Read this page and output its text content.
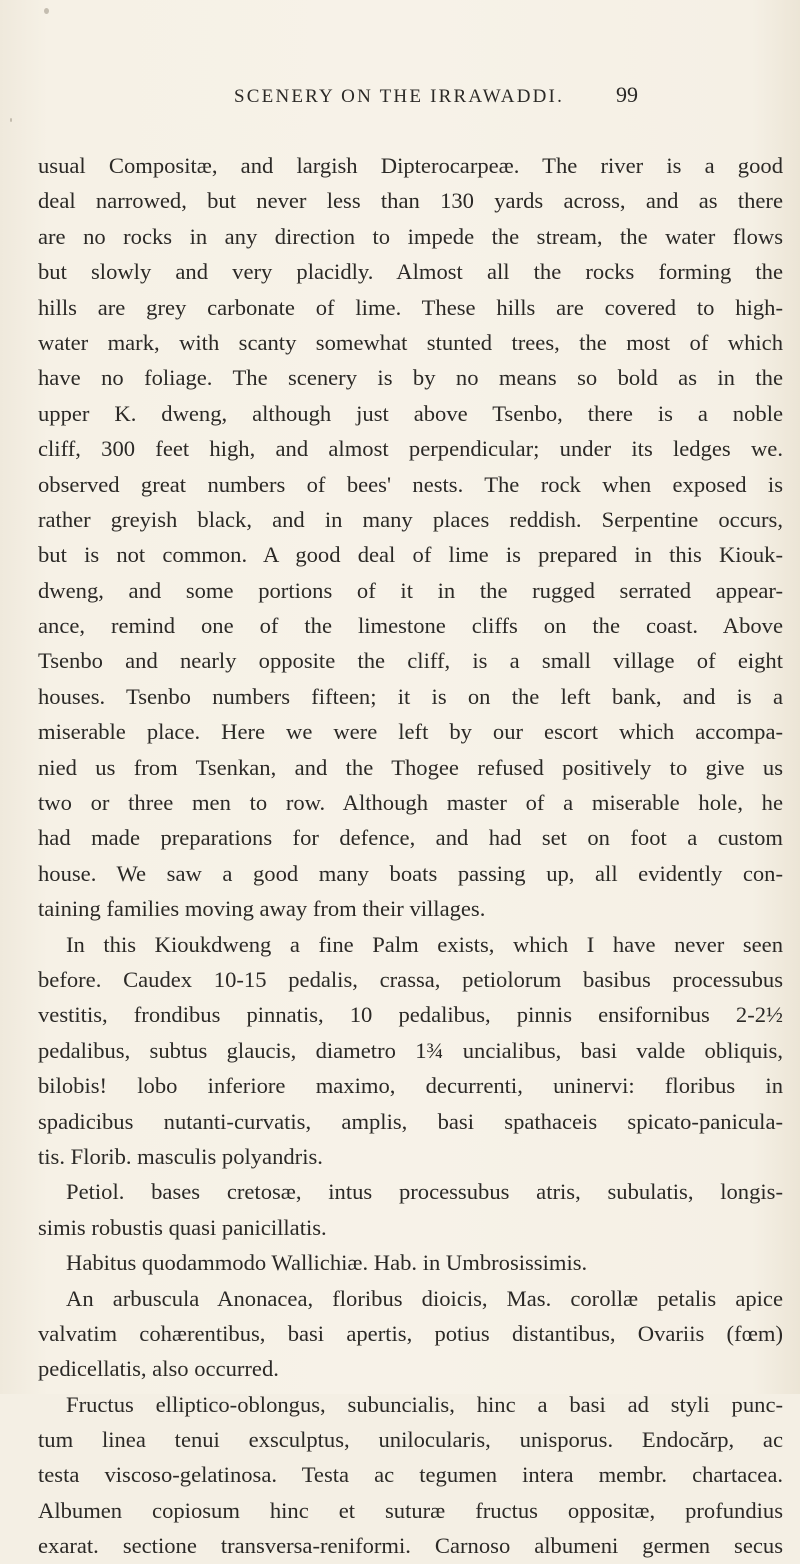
SCENERY ON THE IRRAWADDI. 99
usual Compositæ, and largish Dipterocarpeæ. The river is a good
deal narrowed, but never less than 130 yards across, and as there
are no rocks in any direction to impede the stream, the water flows
but slowly and very placidly. Almost all the rocks forming the
hills are grey carbonate of lime. These hills are covered to high-
water mark, with scanty somewhat stunted trees, the most of which
have no foliage. The scenery is by no means so bold as in the
upper K. dweng, although just above Tsenbo, there is a noble
cliff, 300 feet high, and almost perpendicular; under its ledges we.
observed great numbers of bees' nests. The rock when exposed is
rather greyish black, and in many places reddish. Serpentine occurs,
but is not common. A good deal of lime is prepared in this Kiouk-
dweng, and some portions of it in the rugged serrated appear-
ance, remind one of the limestone cliffs on the coast. Above
Tsenbo and nearly opposite the cliff, is a small village of eight
houses. Tsenbo numbers fifteen; it is on the left bank, and is a
miserable place. Here we were left by our escort which accompa-
nied us from Tsenkan, and the Thogee refused positively to give us
two or three men to row. Although master of a miserable hole, he
had made preparations for defence, and had set on foot a custom
house. We saw a good many boats passing up, all evidently con-
taining families moving away from their villages.
In this Kioukdweng a fine Palm exists, which I have never seen
before. Caudex 10-15 pedalis, crassa, petiolorum basibus processubus
vestitis, frondibus pinnatis, 10 pedalibus, pinnis ensifornibus 2-2½
pedalibus, subtus glaucis, diametro 1¾ uncialibus, basi valde obliquis,
bilobis! lobo inferiore maximo, decurrenti, uninervi: floribus in
spadicibus nutanti-curvatis, amplis, basi spathaceis spicato-panicula-
tis. Florib. masculis polyandris.
Petiol. bases cretosæ, intus processubus atris, subulatis, longis-
simis robustis quasi panicillatis.
Habitus quodammodo Wallichiæ. Hab. in Umbrosissimis.
An arbuscula Anonacea, floribus dioicis, Mas. corollæ petalis apice
valvatim cohærentibus, basi apertis, potius distantibus, Ovariis (fœm)
pedicellatis, also occurred.
Fructus elliptico-oblongus, subuncialis, hinc a basi ad styli punc-
tum linea tenui exsculptus, unilocularis, unisporus. Endocărp, ac
testa viscoso-gelatinosa. Testa ac tegumen intera membr. chartacea.
Albumen copiosum hinc et suturæ fructus oppositæ, profundius
exarat. sectione transversa-reniformi. Carnoso albumeni germen secus
